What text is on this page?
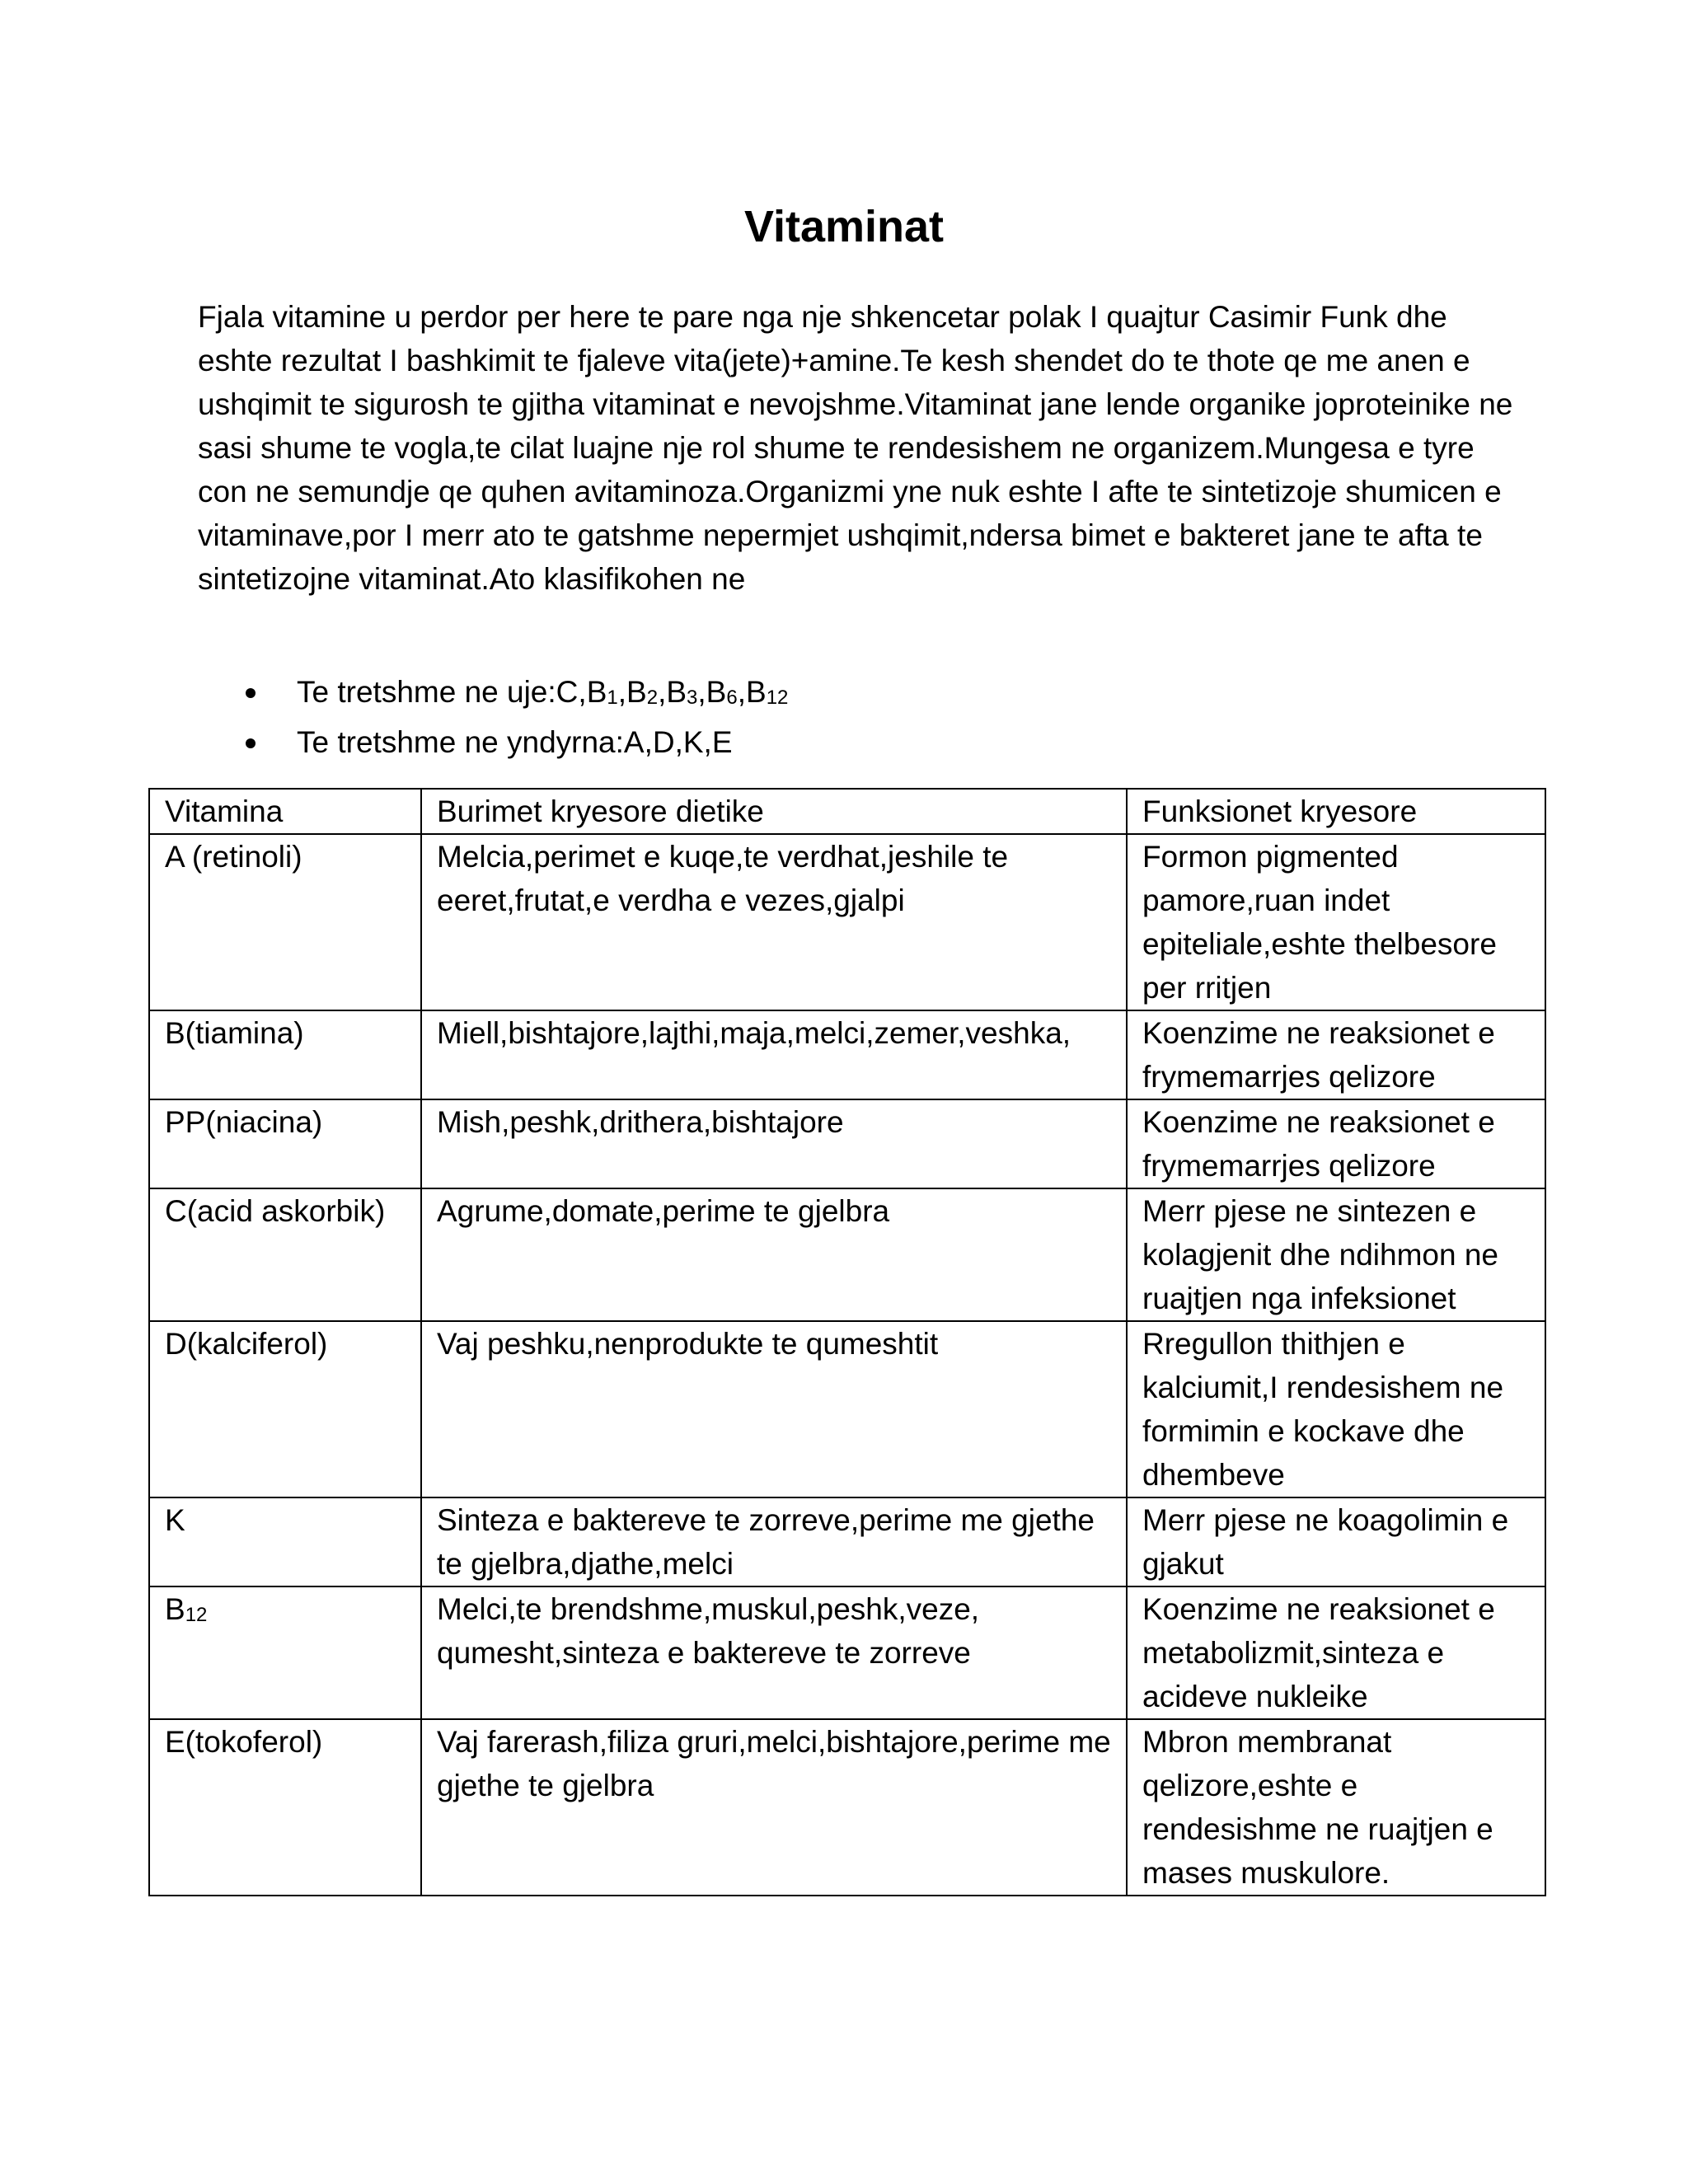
Vitaminat

Fjala vitamine u perdor per here te pare nga nje shkencetar polak I quajtur Casimir Funk dhe eshte rezultat I bashkimit te fjaleve vita(jete)+amine.Te kesh shendet do te thote qe me anen e ushqimit te sigurosh te gjitha vitaminat e nevojshme.Vitaminat jane lende organike joproteinike ne sasi shume te vogla,te cilat luajne nje rol shume te rendesishem ne organizem.Mungesa e tyre con ne semundje qe quhen avitaminoza.Organizmi yne nuk eshte I afte te sintetizoje shumicen e vitaminave,por I merr ato te gatshme nepermjet ushqimit,ndersa bimet e bakteret jane te afta te sintetizojne vitaminat.Ato klasifikohen ne

Te tretshme ne $uje:C,B_1,B_2,B_3,B_6,B_{12}$
Te tretshme ne yndyrna:A,D,K,E
Vitamina	Burimet kryesore dietike	Funksionet kryesore
A (retinoli)	Melcia,perimet e kuqe,te verdhat,jeshile te eeret,frutat,e verdha e vezes,gjalpi	Formon pigmented pamore,ruan indet epiteliale,eshte thelbesore per rritjen
B(tiamina)	Miell,bishtajore,lajthi,maja,melci,zemer,veshka,	Koenzime ne reaksionet e frymemarrjes qelizore
PP(niacina)	Mish,peshk,drithera,bishtajore	Koenzime ne reaksionet e frymemarrjes qelizore
C(acid askorbik)	Agrume,domate,perime te gjelbra	Merr pjese ne sintezen e kolagjenit dhe ndihmon ne ruajtjen nga infeksionet
D(kalciferol)	Vaj peshku,nenprodukte te qumeshtit	Rregullon thithjen e kalciumit,I rendesishem ne formimin e kockave dhe dhembeve
K	Sinteza e baktereve te zorreve,perime me gjethe te gjelbra,djathe,melci	Merr pjese ne koagolimin e gjakut
$B_{12}$	Melci,te brendshme,muskul,peshk,veze, qumesht,sinteza e baktereve te zorreve	Koenzime ne reaksionet e metabolizmit,sinteza e acideve nukleike
E(tokoferol)	Vaj farerash,filiza gruri,melci,bishtajore,perime me gjethe te gjelbra	Mbron membranat qelizore,eshte e rendesishme ne ruajtjen e mases muskulore.
